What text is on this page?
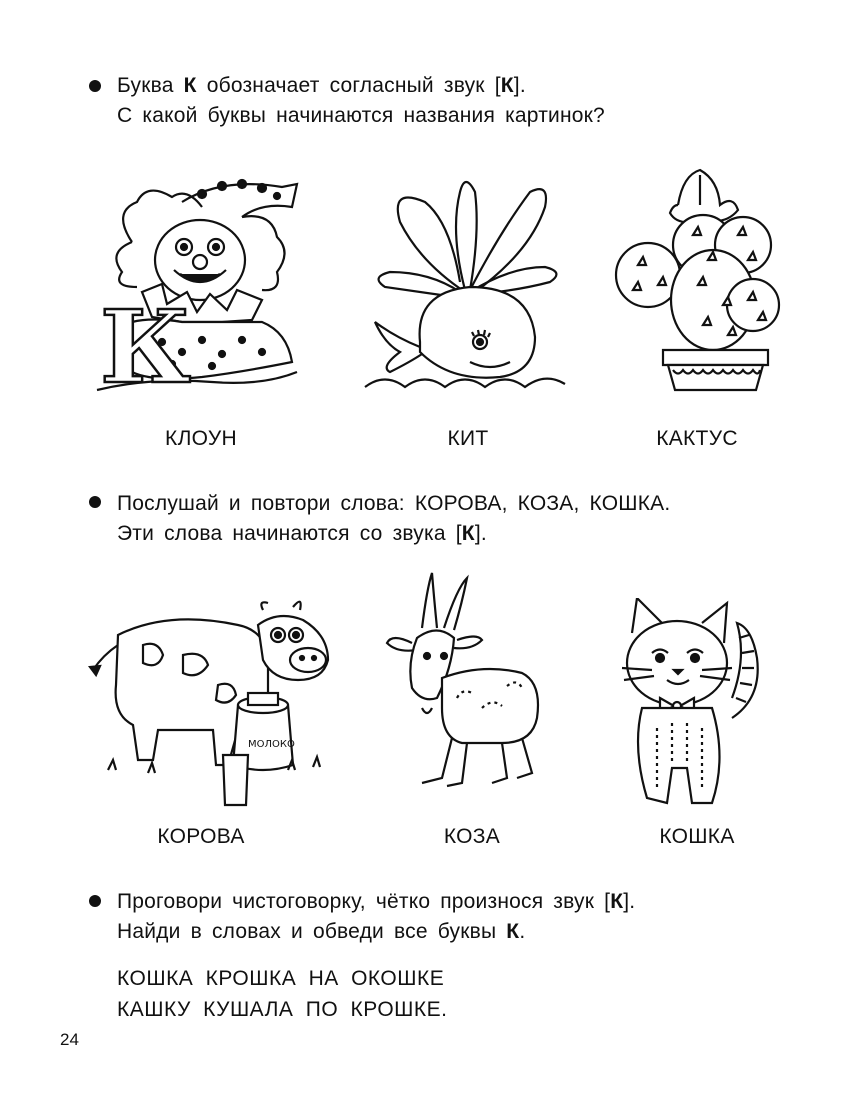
Буква К обозначает согласный звук [К].
С какой буквы начинаются названия картинок?
К
КЛОУН	КИТ	КАКТУС
Послушай и повтори слова: КОРОВА, КОЗА, КОШКА.
Эти слова начинаются со звука [К].
МОЛОКО
КОРОВА	КОЗА	КОШКА
Проговори чистоговорку, чётко произнося звук [К].
Найди в словах и обведи все буквы К.
КОШКА КРОШКА НА ОКОШКЕ
КАШКУ КУШАЛА ПО КРОШКЕ.
24
